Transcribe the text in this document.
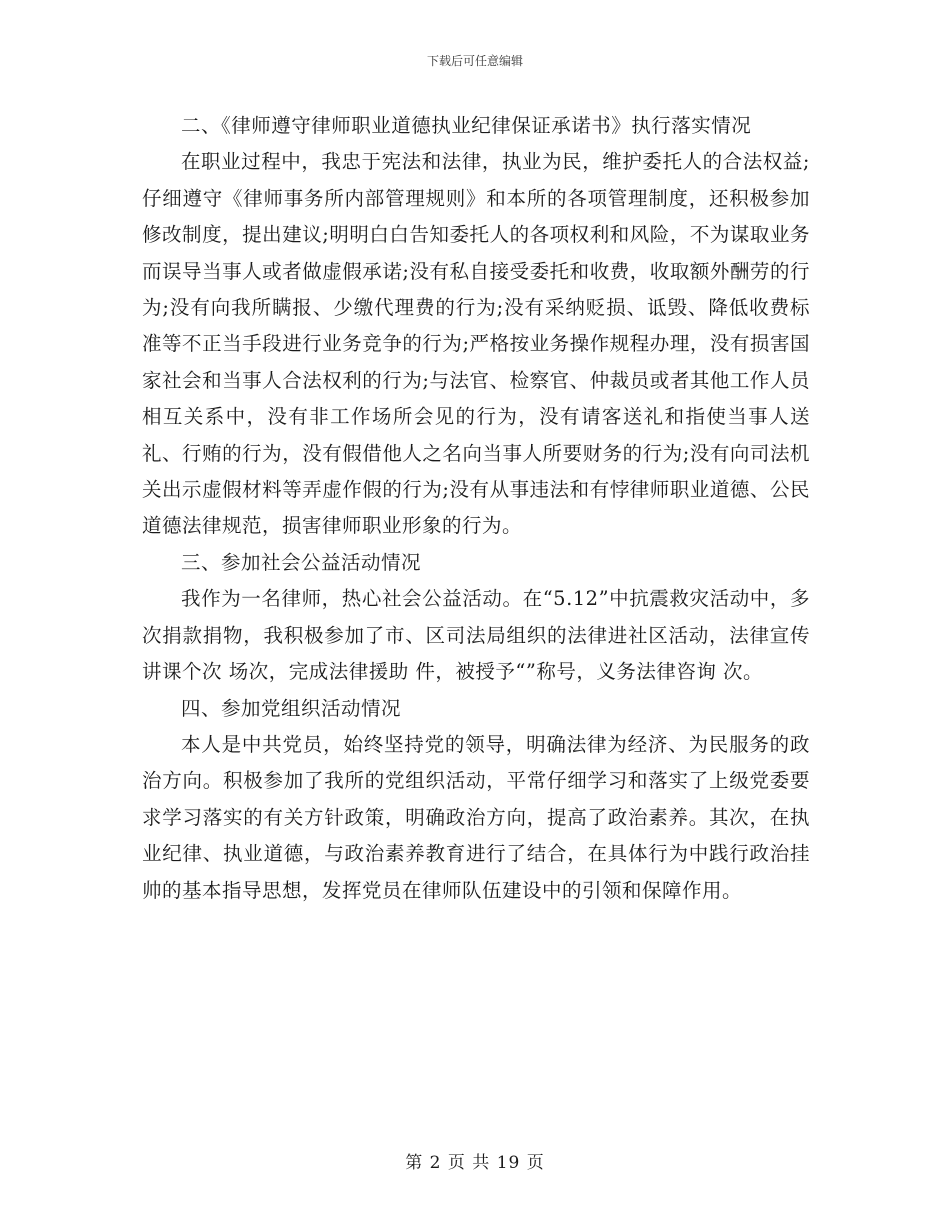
下载后可任意编辑

二、《律师遵守律师职业道德执业纪律保证承诺书》执行落实情况

在职业过程中，我忠于宪法和法律，执业为民，维护委托人的合法权益;仔细遵守《律师事务所内部管理规则》和本所的各项管理制度，还积极参加修改制度，提出建议;明明白白告知委托人的各项权利和风险，不为谋取业务而误导当事人或者做虚假承诺;没有私自接受委托和收费，收取额外酬劳的行为;没有向我所瞒报、少缴代理费的行为;没有采纳贬损、诋毁、降低收费标准等不正当手段进行业务竞争的行为;严格按业务操作规程办理，没有损害国家社会和当事人合法权利的行为;与法官、检察官、仲裁员或者其他工作人员相互关系中，没有非工作场所会见的行为，没有请客送礼和指使当事人送礼、行贿的行为，没有假借他人之名向当事人所要财务的行为;没有向司法机关出示虚假材料等弄虚作假的行为;没有从事违法和有悖律师职业道德、公民道德法律规范，损害律师职业形象的行为。

三、参加社会公益活动情况

我作为一名律师，热心社会公益活动。在“5.12”中抗震救灾活动中，多次捐款捐物，我积极参加了市、区司法局组织的法律进社区活动，法律宣传讲课个次 场次，完成法律援助 件，被授予“”称号，义务法律咨询 次。

四、参加党组织活动情况

本人是中共党员，始终坚持党的领导，明确法律为经济、为民服务的政治方向。积极参加了我所的党组织活动，平常仔细学习和落实了上级党委要求学习落实的有关方针政策，明确政治方向，提高了政治素养。其次，在执业纪律、执业道德，与政治素养教育进行了结合，在具体行为中践行政治挂帅的基本指导思想，发挥党员在律师队伍建设中的引领和保障作用。

第 2 页 共 19 页
